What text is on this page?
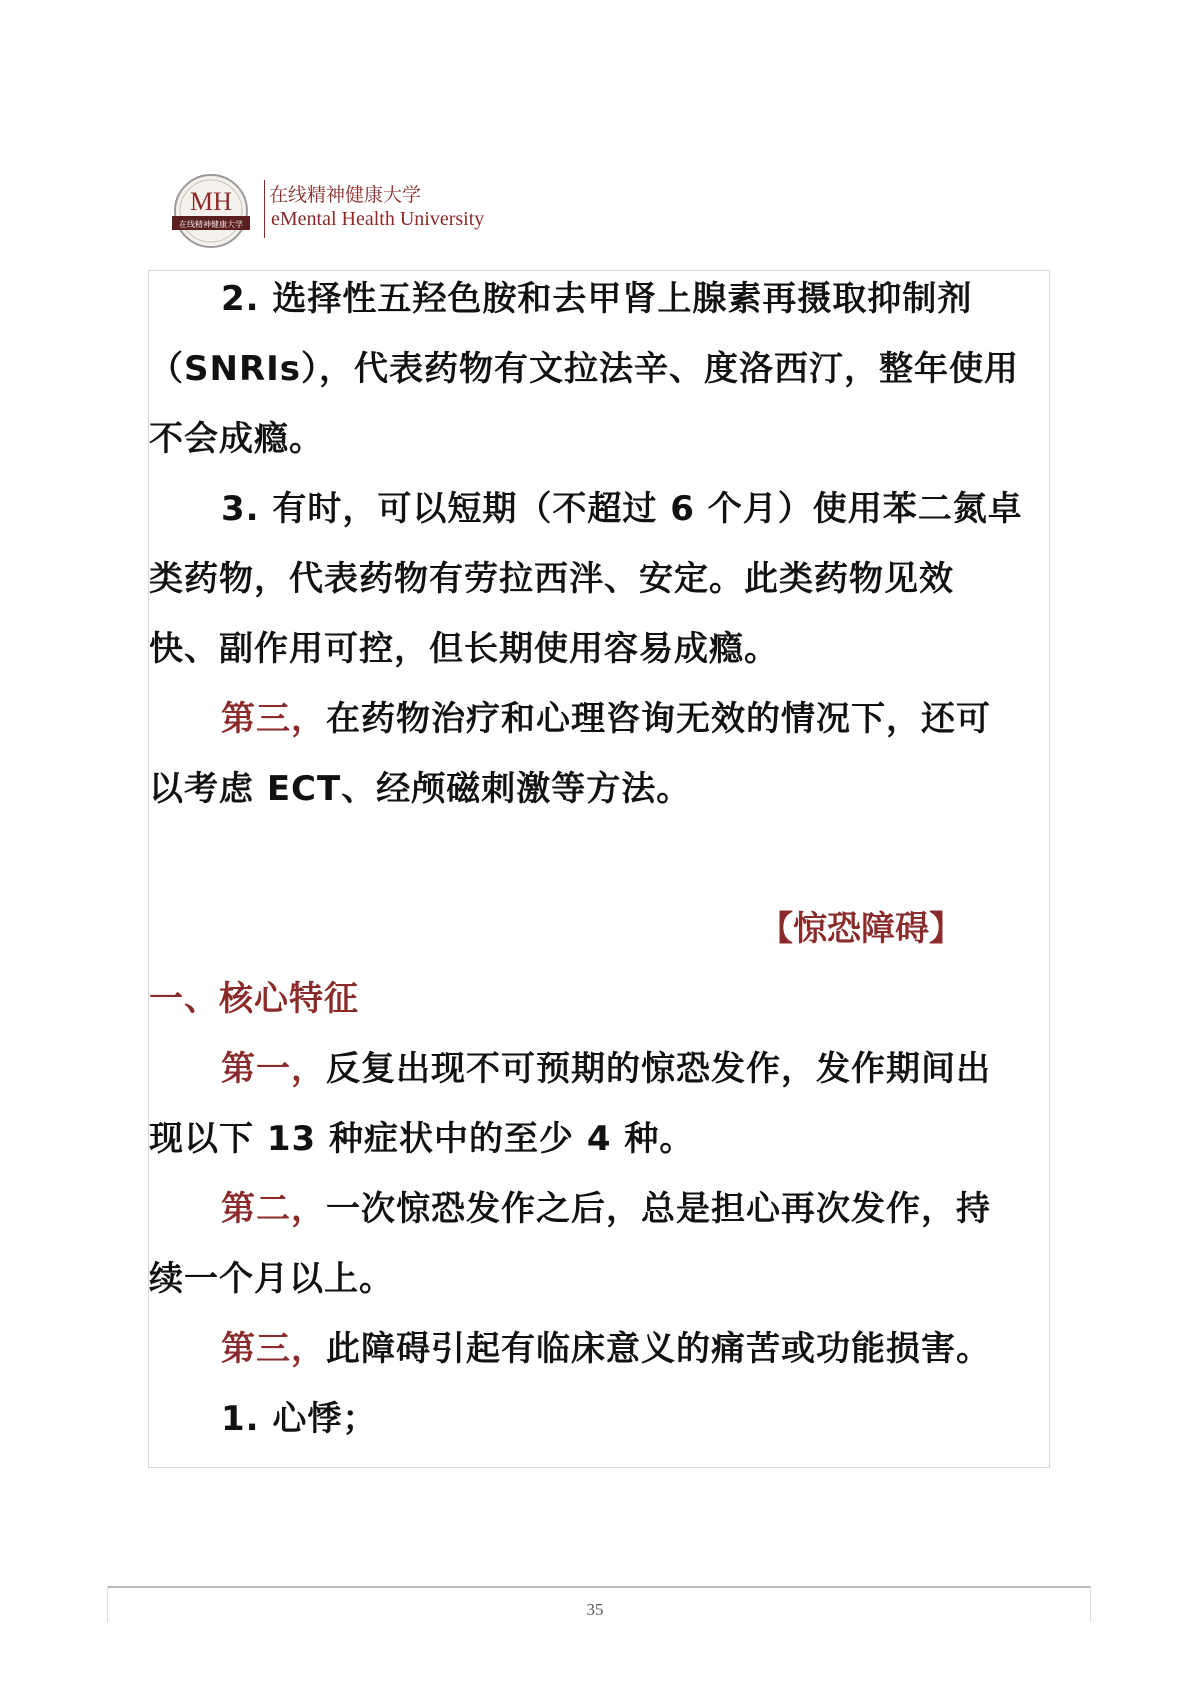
MH
在线精神健康大学
在线精神健康大学
eMental Health University
2. 选择性五羟色胺和去甲肾上腺素再摄取抑制剂
（SNRIs），代表药物有文拉法辛、度洛西汀，整年使用
不会成瘾。
3. 有时，可以短期（不超过 6 个月）使用苯二氮卓
类药物，代表药物有劳拉西泮、安定。此类药物见效
快、副作用可控，但长期使用容易成瘾。
第三，在药物治疗和心理咨询无效的情况下，还可
以考虑 ECT、经颅磁刺激等方法。
【惊恐障碍】
一、核心特征
第一，反复出现不可预期的惊恐发作，发作期间出
现以下 13 种症状中的至少 4 种。
第二，一次惊恐发作之后，总是担心再次发作，持
续一个月以上。
第三，此障碍引起有临床意义的痛苦或功能损害。
1. 心悸；
35
